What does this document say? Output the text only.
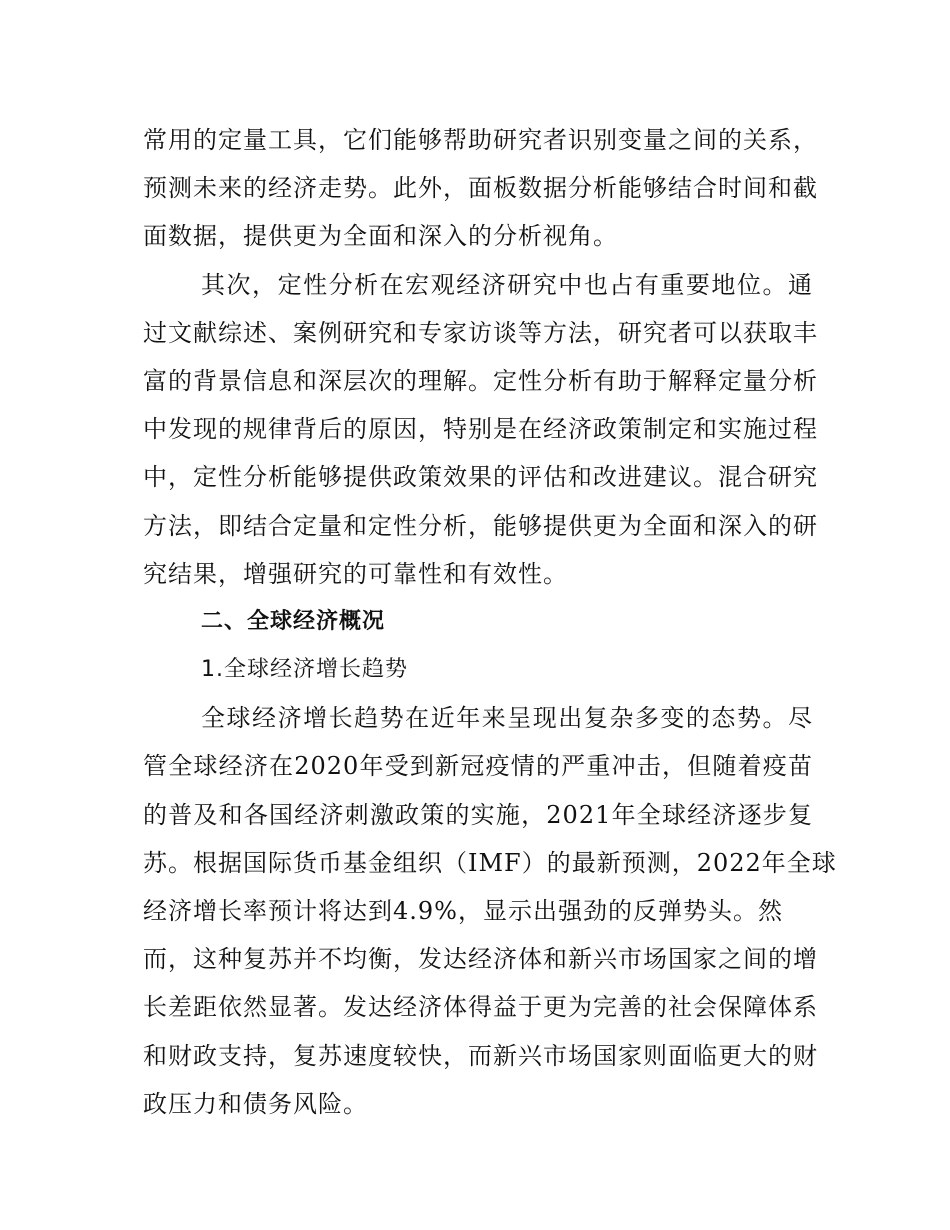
常用的定量工具，它们能够帮助研究者识别变量之间的关系，
预测未来的经济走势。此外，面板数据分析能够结合时间和截
面数据，提供更为全面和深入的分析视角。
其次，定性分析在宏观经济研究中也占有重要地位。通
过文献综述、案例研究和专家访谈等方法，研究者可以获取丰
富的背景信息和深层次的理解。定性分析有助于解释定量分析
中发现的规律背后的原因，特别是在经济政策制定和实施过程
中，定性分析能够提供政策效果的评估和改进建议。混合研究
方法，即结合定量和定性分析，能够提供更为全面和深入的研
究结果，增强研究的可靠性和有效性。
二、全球经济概况
1.全球经济增长趋势
全球经济增长趋势在近年来呈现出复杂多变的态势。尽
管全球经济在2020年受到新冠疫情的严重冲击，但随着疫苗
的普及和各国经济刺激政策的实施，2021年全球经济逐步复
苏。根据国际货币基金组织（IMF）的最新预测，2022年全球
经济增长率预计将达到4.9%，显示出强劲的反弹势头。然
而，这种复苏并不均衡，发达经济体和新兴市场国家之间的增
长差距依然显著。发达经济体得益于更为完善的社会保障体系
和财政支持，复苏速度较快，而新兴市场国家则面临更大的财
政压力和债务风险。
